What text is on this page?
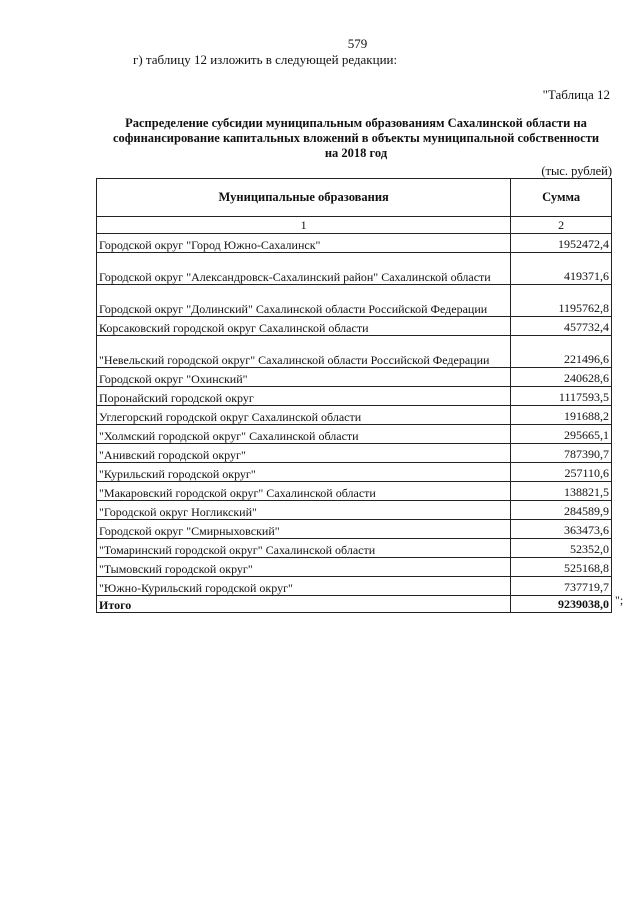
579
г) таблицу 12 изложить в следующей редакции:
"Таблица 12
Распределение субсидии муниципальным образованиям Сахалинской области на
софинансирование капитальных вложений в объекты муниципальной собственности
на 2018 год
(тыс. рублей)
Муниципальные образования	Сумма
1	2
Городской округ "Город Южно-Сахалинск"	1952472,4
Городской округ "Александровск-Сахалинский район" Сахалинской области	419371,6
Городской округ "Долинский" Сахалинской области Российской Федерации	1195762,8
Корсаковский городской округ Сахалинской области	457732,4
"Невельский городской округ" Сахалинской области Российской Федерации	221496,6
Городской округ "Охинский"	240628,6
Поронайский городской округ	1117593,5
Углегорский городской округ Сахалинской области	191688,2
"Холмский городской округ" Сахалинской области	295665,1
"Анивский городской округ"	787390,7
"Курильский городской округ"	257110,6
"Макаровский городской округ" Сахалинской области	138821,5
"Городской округ Ногликский"	284589,9
Городской округ "Смирныховский"	363473,6
"Томаринский городской округ" Сахалинской области	52352,0
"Тымовский городской округ"	525168,8
"Южно-Курильский городской округ"	737719,7
Итого	9239038,0 ";
